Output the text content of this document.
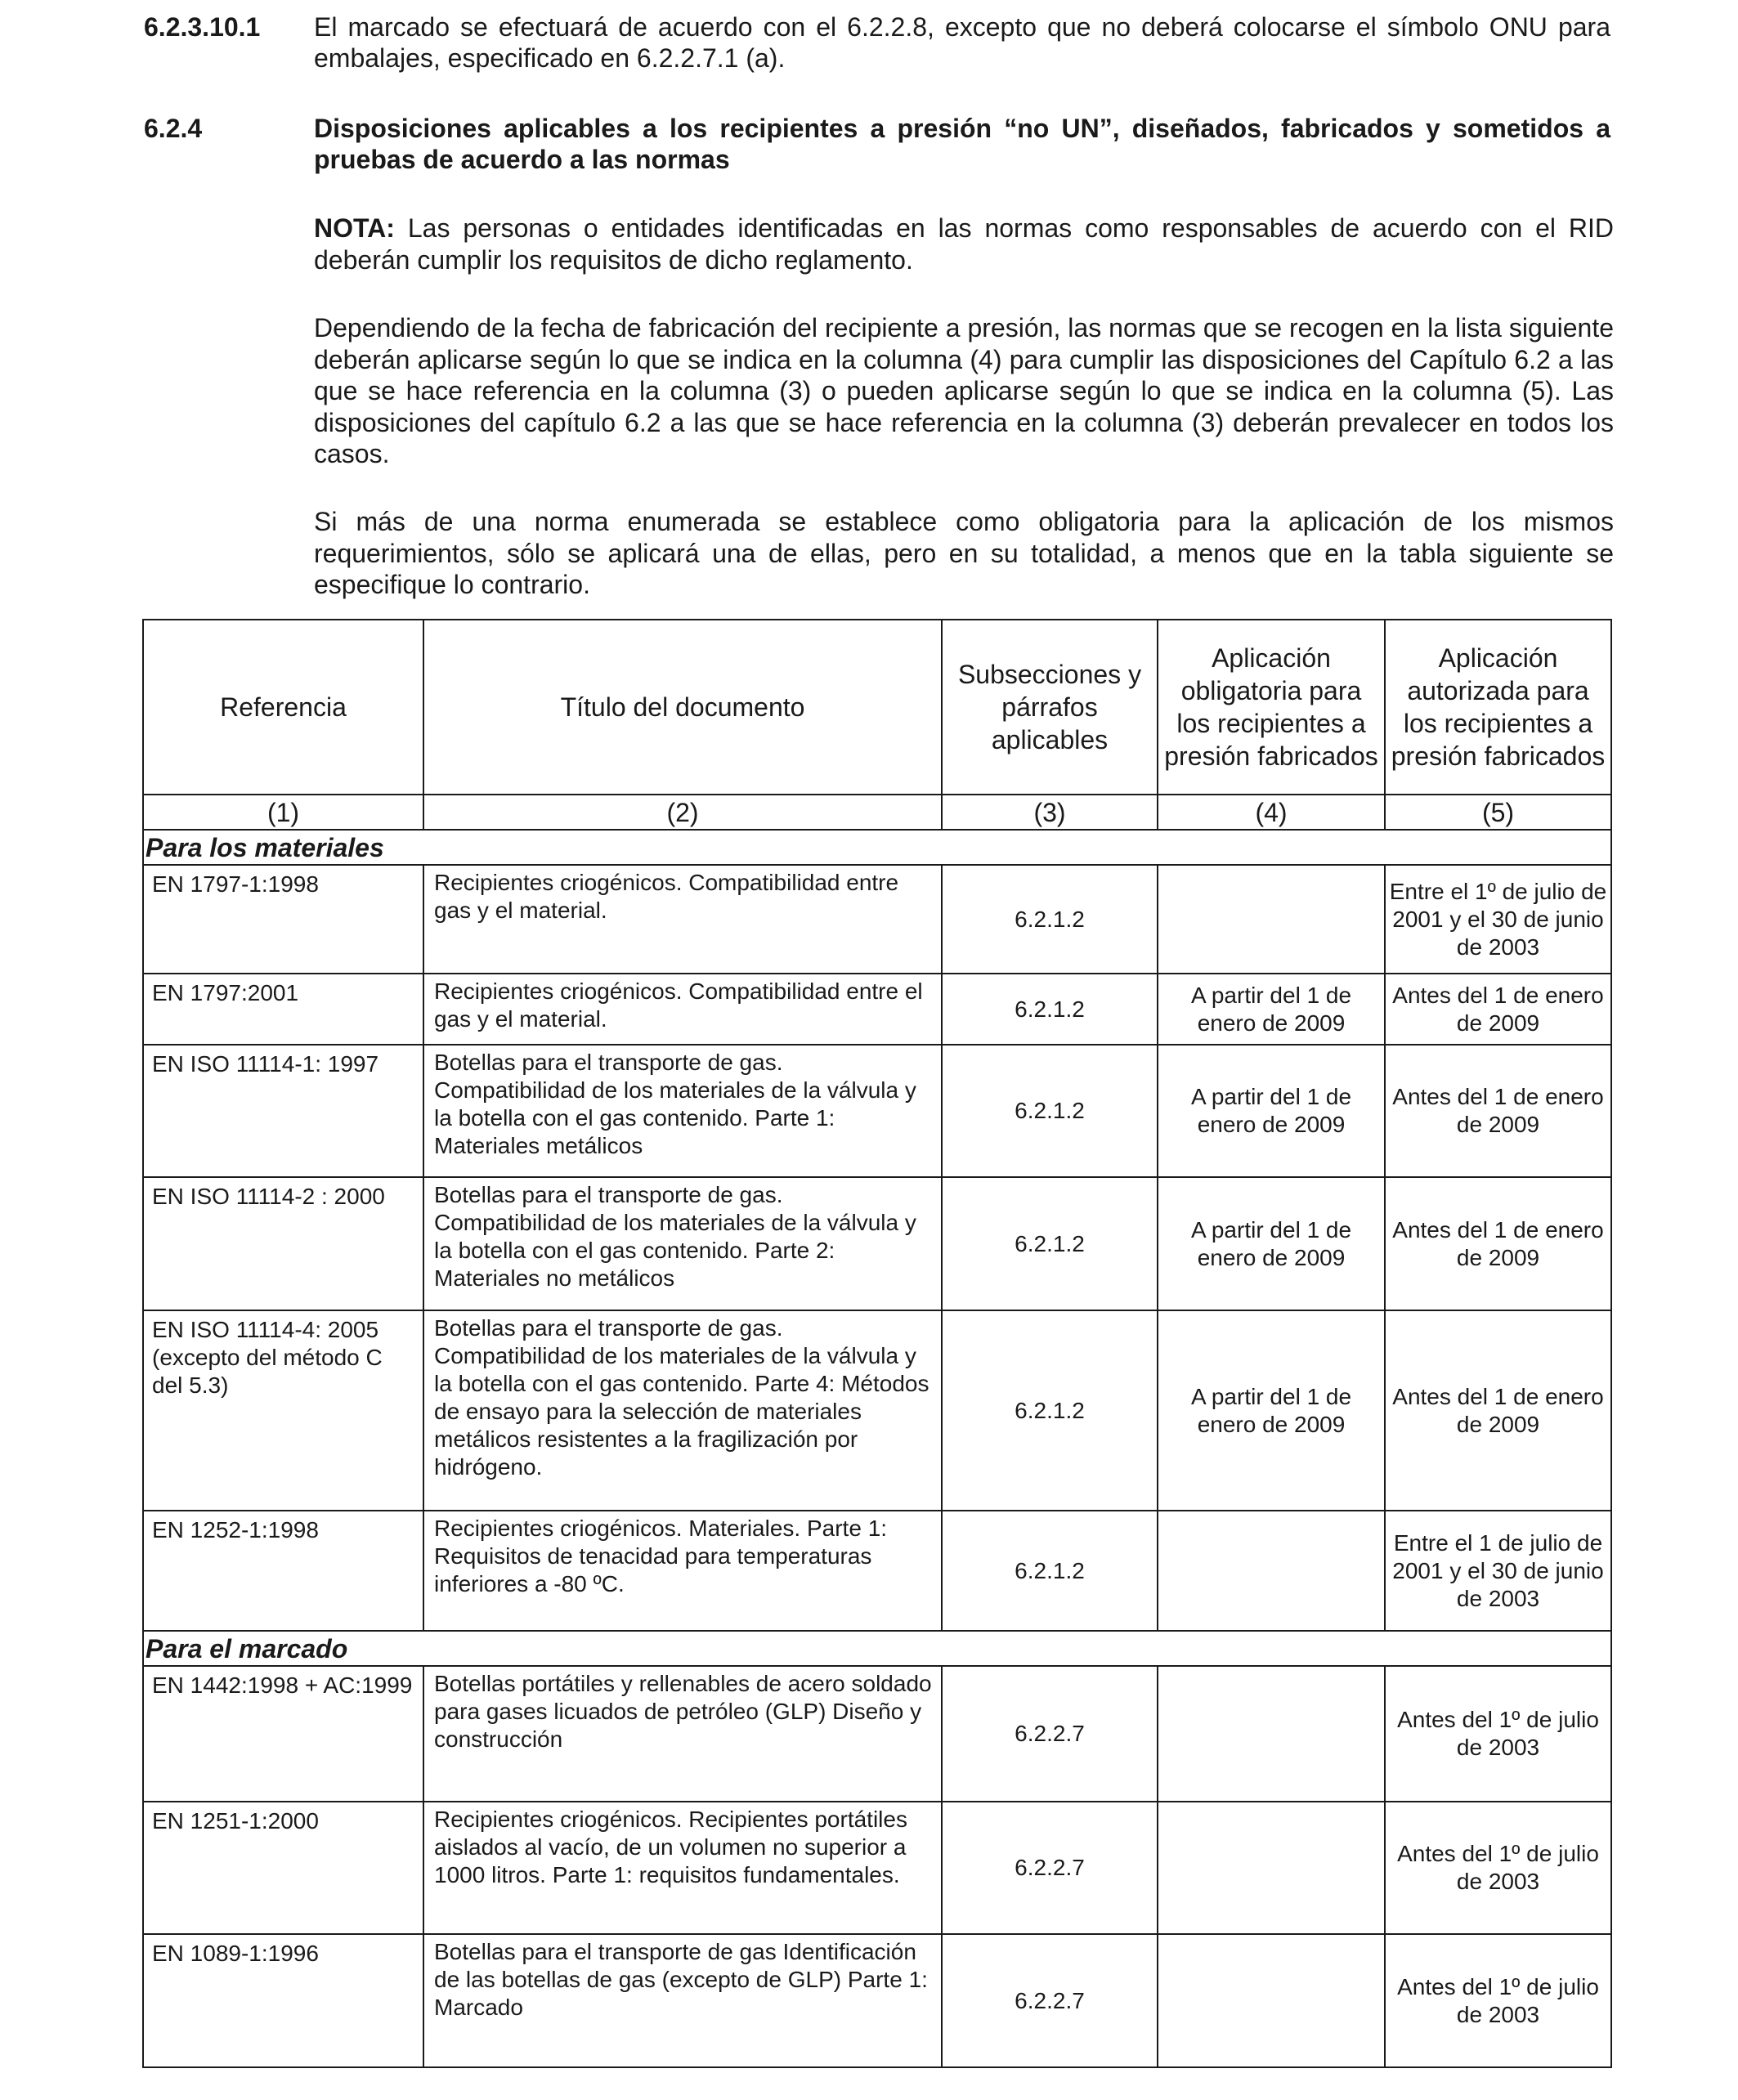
6.2.3.10.1 El marcado se efectuará de acuerdo con el 6.2.2.8, excepto que no deberá colocarse el símbolo ONU para embalajes, especificado en 6.2.2.7.1 (a).
6.2.4	Disposiciones aplicables a los recipientes a presión “no UN”, diseñados, fabricados y sometidos a pruebas de acuerdo a las normas
NOTA: Las personas o entidades identificadas en las normas como responsables de acuerdo con el RID deberán cumplir los requisitos de dicho reglamento.
Dependiendo de la fecha de fabricación del recipiente a presión, las normas que se recogen en la lista siguiente deberán aplicarse según lo que se indica en la columna (4) para cumplir las disposiciones del Capítulo 6.2 a las que se hace referencia en la columna (3) o pueden aplicarse según lo que se indica en la columna (5). Las disposiciones del capítulo 6.2 a las que se hace referencia en la columna (3) deberán prevalecer en todos los casos.
Si más de una norma enumerada se establece como obligatoria para la aplicación de los mismos requerimientos, sólo se aplicará una de ellas, pero en su totalidad, a menos que en la tabla siguiente se especifique lo contrario.
Referencia	Título del documento	Subsecciones y párrafos aplicables	Aplicación obligatoria para los recipientes a presión fabricados	Aplicación autorizada para los recipientes a presión fabricados
(1)	(2)	(3)	(4)	(5)
Para los materiales				
EN 1797-1:1998	Recipientes criogénicos. Compatibilidad entre gas y el material.	6.2.1.2		Entre el 1º de julio de 2001 y el 30 de junio de 2003
EN 1797:2001	Recipientes criogénicos. Compatibilidad entre el gas y el material.	6.2.1.2	A partir del 1 de enero de 2009	Antes del 1 de enero de 2009
EN ISO 11114-1: 1997	Botellas para el transporte de gas. Compatibilidad de los materiales de la válvula y la botella con el gas contenido. Parte 1: Materiales metálicos	6.2.1.2	A partir del 1 de enero de 2009	Antes del 1 de enero de 2009
EN ISO 11114-2 : 2000	Botellas para el transporte de gas. Compatibilidad de los materiales de la válvula y la botella con el gas contenido. Parte 2: Materiales no metálicos	6.2.1.2	A partir del 1 de enero de 2009	Antes del 1 de enero de 2009
EN ISO 11114-4: 2005 (excepto del método C del 5.3)	Botellas para el transporte de gas. Compatibilidad de los materiales de la válvula y la botella con el gas contenido. Parte 4: Métodos de ensayo para la selección de materiales metálicos resistentes a la fragilización por hidrógeno.	6.2.1.2	A partir del 1 de enero de 2009	Antes del 1 de enero de 2009
EN 1252-1:1998	Recipientes criogénicos. Materiales. Parte 1: Requisitos de tenacidad para temperaturas inferiores a -80 ºC.	6.2.1.2		Entre el 1 de julio de 2001 y el 30 de junio de 2003
Para el marcado				
EN 1442:1998 + AC:1999	Botellas portátiles y rellenables de acero soldado para gases licuados de petróleo (GLP) Diseño y construcción	6.2.2.7		Antes del 1º de julio de 2003
EN 1251-1:2000	Recipientes criogénicos. Recipientes portátiles aislados al vacío, de un volumen no superior a 1000 litros. Parte 1: requisitos fundamentales.	6.2.2.7		Antes del 1º de julio de 2003
EN 1089-1:1996	Botellas para el transporte de gas Identificación de las botellas de gas (excepto de GLP) Parte 1: Marcado	6.2.2.7		Antes del 1º de julio de 2003
